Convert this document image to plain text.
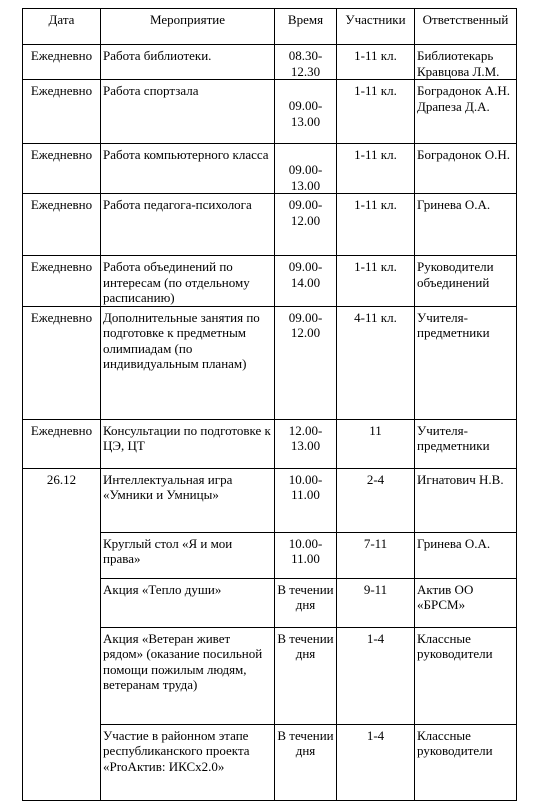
Дата	Мероприятие	Время	Участники	Ответственный
Ежедневно	Работа библиотеки.	08.30-12.30	1-11 кл.	Библиотекарь Кравцова Л.М.
Ежедневно	Работа спортзала	09.00-13.00	1-11 кл.	Боградонок А.Н. Драпеза Д.А.
Ежедневно	Работа компьютерного класса	09.00-13.00	1-11 кл.	Боградонок О.Н.
Ежедневно	Работа педагога-психолога	09.00-12.00	1-11 кл.	Гринева О.А.
Ежедневно	Работа объединений по интересам (по отдельному расписанию)	09.00-14.00	1-11 кл.	Руководители объединений
Ежедневно	Дополнительные занятия по подготовке к предметным олимпиадам (по индивидуальным планам)	09.00-12.00	4-11 кл.	Учителя-предметники
Ежедневно	Консультации по подготовке к ЦЭ, ЦТ	12.00-13.00	11	Учителя-предметники
26.12	Интеллектуальная игра «Умники и Умницы»	10.00-11.00	2-4	Игнатович Н.В.
	Круглый стол «Я и мои права»	10.00-11.00	7-11	Гринева О.А.
	Акция «Тепло души»	В течении дня	9-11	Актив ОО «БРСМ»
	Акция «Ветеран живет рядом» (оказание посильной помощи пожилым людям, ветеранам труда)	В течении дня	1-4	Классные руководители
	Участие в районном этапе республиканского проекта «ProАктив: ИКСх2.0»	В течении дня	1-4	Классные руководители
